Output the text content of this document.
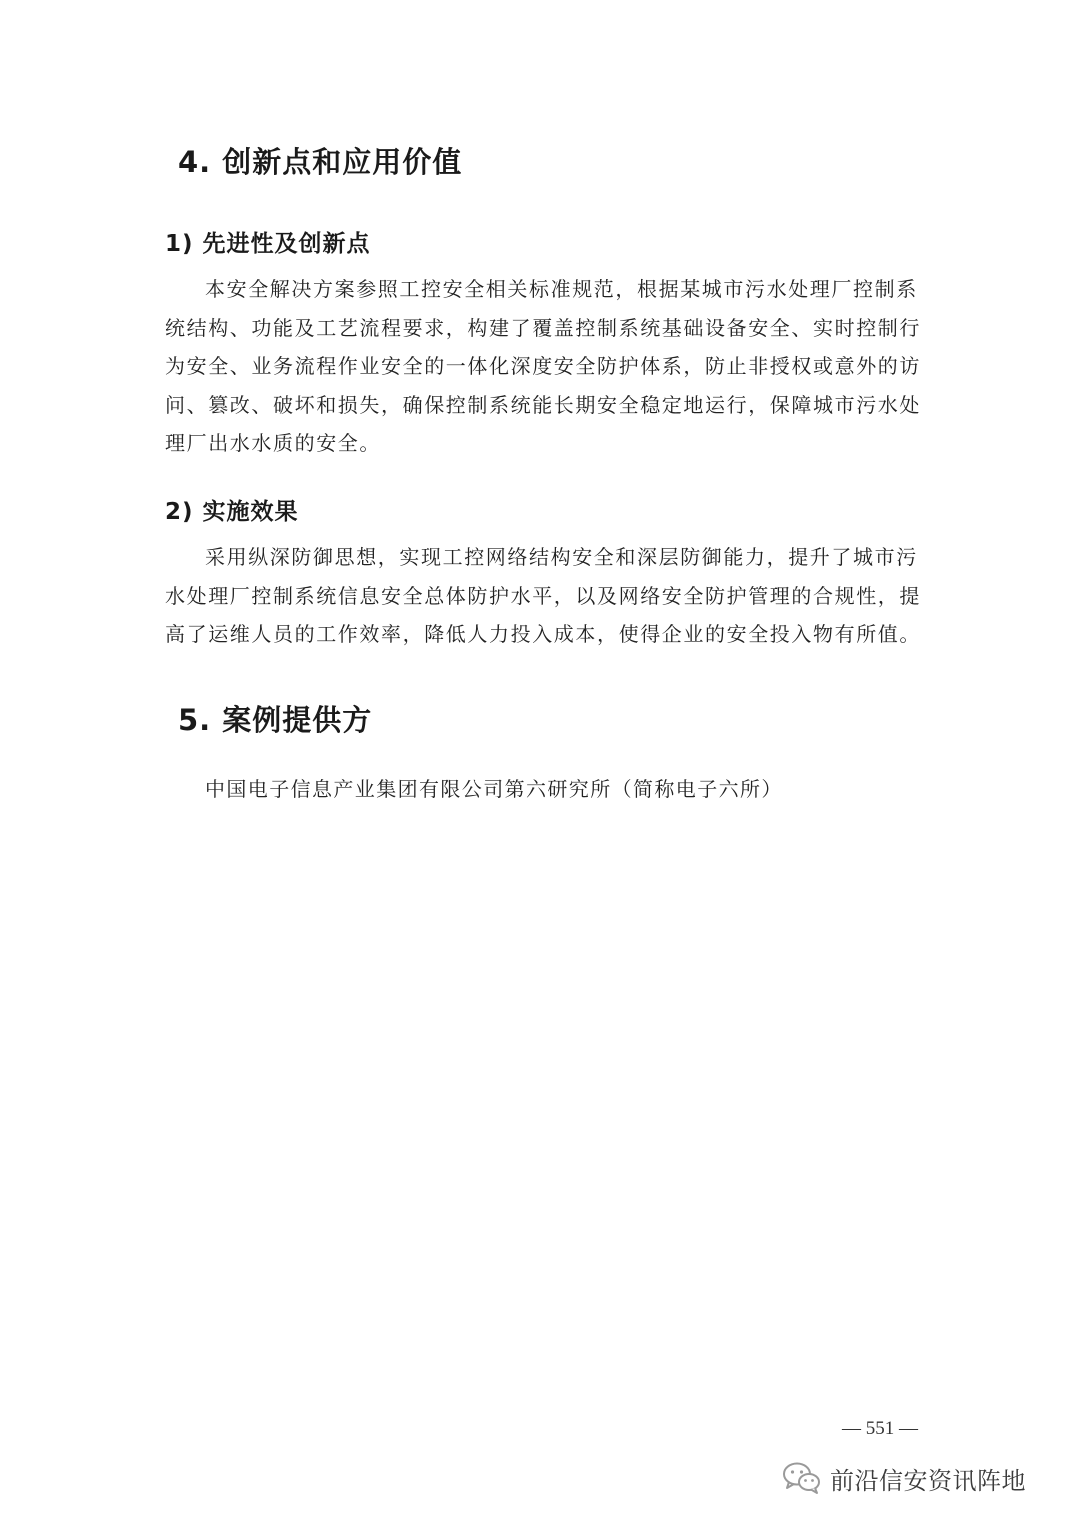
4. 创新点和应用价值
1) 先进性及创新点
本安全解决方案参照工控安全相关标准规范，根据某城市污水处理厂控制系
统结构、功能及工艺流程要求，构建了覆盖控制系统基础设备安全、实时控制行
为安全、业务流程作业安全的一体化深度安全防护体系，防止非授权或意外的访
问、篡改、破坏和损失，确保控制系统能长期安全稳定地运行，保障城市污水处
理厂出水水质的安全。
2) 实施效果
采用纵深防御思想，实现工控网络结构安全和深层防御能力，提升了城市污
水处理厂控制系统信息安全总体防护水平，以及网络安全防护管理的合规性，提
高了运维人员的工作效率，降低人力投入成本，使得企业的安全投入物有所值。
5. 案例提供方
中国电子信息产业集团有限公司第六研究所（简称电子六所）
— 551 —
前沿信安资讯阵地
